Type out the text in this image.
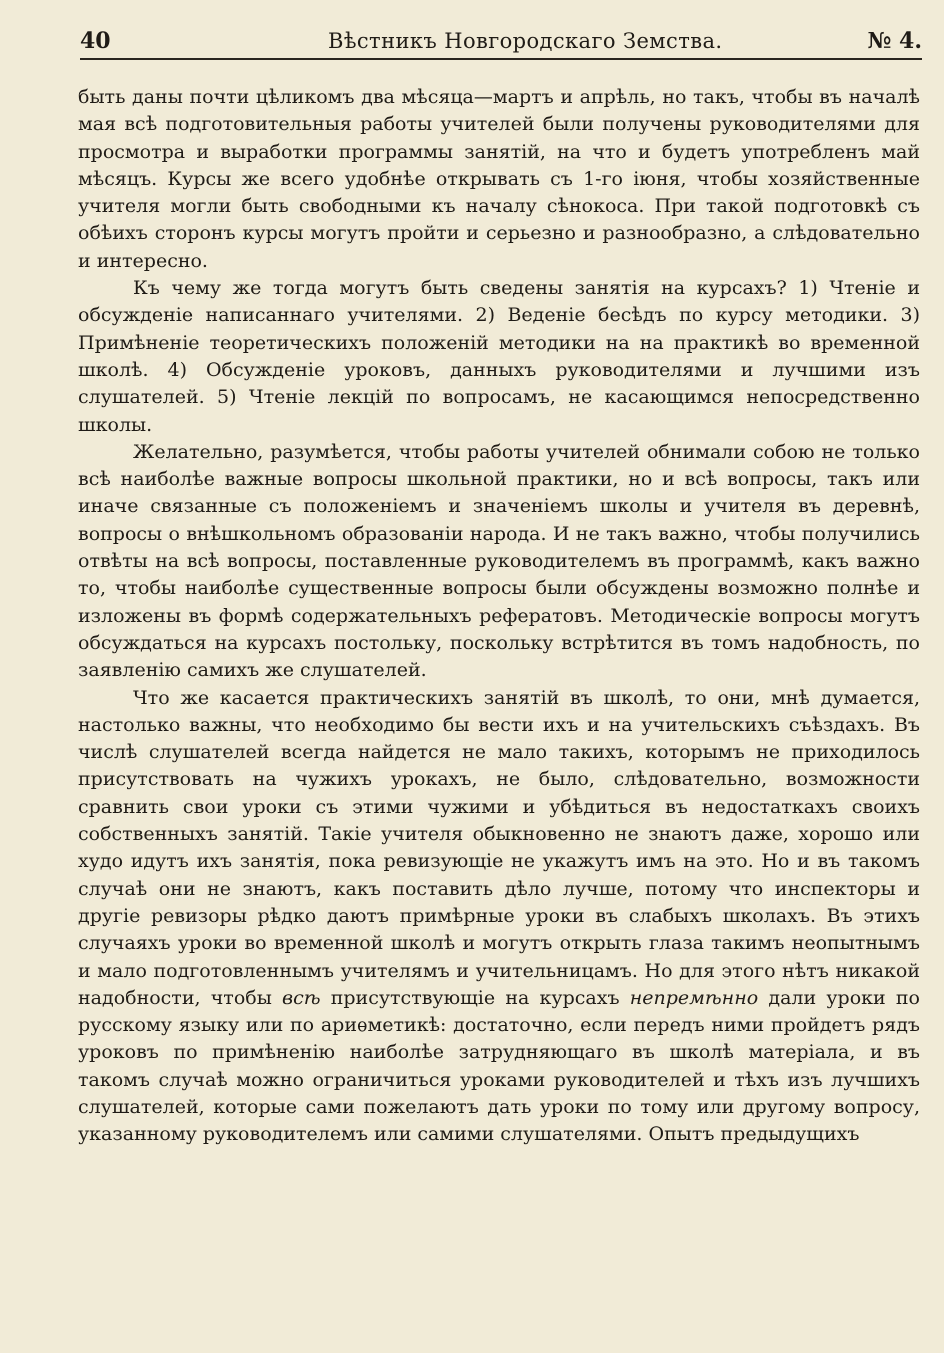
40	Вѣстникъ Новгородскаго Земства.	№ 4.

быть даны почти цѣликомъ два мѣсяца—мартъ и апрѣль, но такъ, чтобы въ началѣ мая всѣ подготовительныя работы учителей были получены руководителями для просмотра и выработки программы занятій, на что и будетъ употребленъ май мѣсяцъ. Курсы же всего удобнѣе открывать съ 1-го іюня, чтобы хозяйственные учителя могли быть свободными къ началу сѣнокоса. При такой подготовкѣ съ обѣихъ сторонъ курсы могутъ пройти и серьезно и разнообразно, а слѣдовательно и интересно.

Къ чему же тогда могутъ быть сведены занятія на курсахъ? 1) Чтеніе и обсужденіе написаннаго учителями. 2) Веденіе бесѣдъ по курсу методики. 3) Примѣненіе теоретическихъ положеній методики на на практикѣ во временной школѣ. 4) Обсужденіе уроковъ, данныхъ руководителями и лучшими изъ слушателей. 5) Чтеніе лекцій по вопросамъ, не касающимся непосредственно школы.

Желательно, разумѣется, чтобы работы учителей обнимали собою не только всѣ наиболѣе важные вопросы школьной практики, но и всѣ вопросы, такъ или иначе связанные съ положеніемъ и значеніемъ школы и учителя въ деревнѣ, вопросы о внѣшкольномъ образованіи народа. И не такъ важно, чтобы получились отвѣты на всѣ вопросы, поставленные руководителемъ въ программѣ, какъ важно то, чтобы наиболѣе существенные вопросы были обсуждены возможно полнѣе и изложены въ формѣ содержательныхъ рефератовъ. Методическіе вопросы могутъ обсуждаться на курсахъ постольку, поскольку встрѣтится въ томъ надобность, по заявленію самихъ же слушателей.

Что же касается практическихъ занятій въ школѣ, то они, мнѣ думается, настолько важны, что необходимо бы вести ихъ и на учительскихъ съѣздахъ. Въ числѣ слушателей всегда найдется не мало такихъ, которымъ не приходилось присутствовать на чужихъ урокахъ, не было, слѣдовательно, возможности сравнить свои уроки съ этими чужими и убѣдиться въ недостаткахъ своихъ собственныхъ занятій. Такіе учителя обыкновенно не знаютъ даже, хорошо или худо идутъ ихъ занятія, пока ревизующіе не укажутъ имъ на это. Но и въ такомъ случаѣ они не знаютъ, какъ поставить дѣло лучше, потому что инспекторы и другіе ревизоры рѣдко даютъ примѣрные уроки въ слабыхъ школахъ. Въ этихъ случаяхъ уроки во временной школѣ и могутъ открыть глаза такимъ неопытнымъ и мало подготовленнымъ учителямъ и учительницамъ. Но для этого нѣтъ никакой надобности, чтобы всѣ присутствующіе на курсахъ непремѣнно дали уроки по русскому языку или по ариѳметикѣ: достаточно, если передъ ними пройдетъ рядъ уроковъ по примѣненію наиболѣе затрудняющаго въ школѣ матеріала, и въ такомъ случаѣ можно ограничиться уроками руководителей и тѣхъ изъ лучшихъ слушателей, которые сами пожелаютъ дать уроки по тому или другому вопросу, указанному руководителемъ или самими слушателями. Опытъ предыдущихъ
